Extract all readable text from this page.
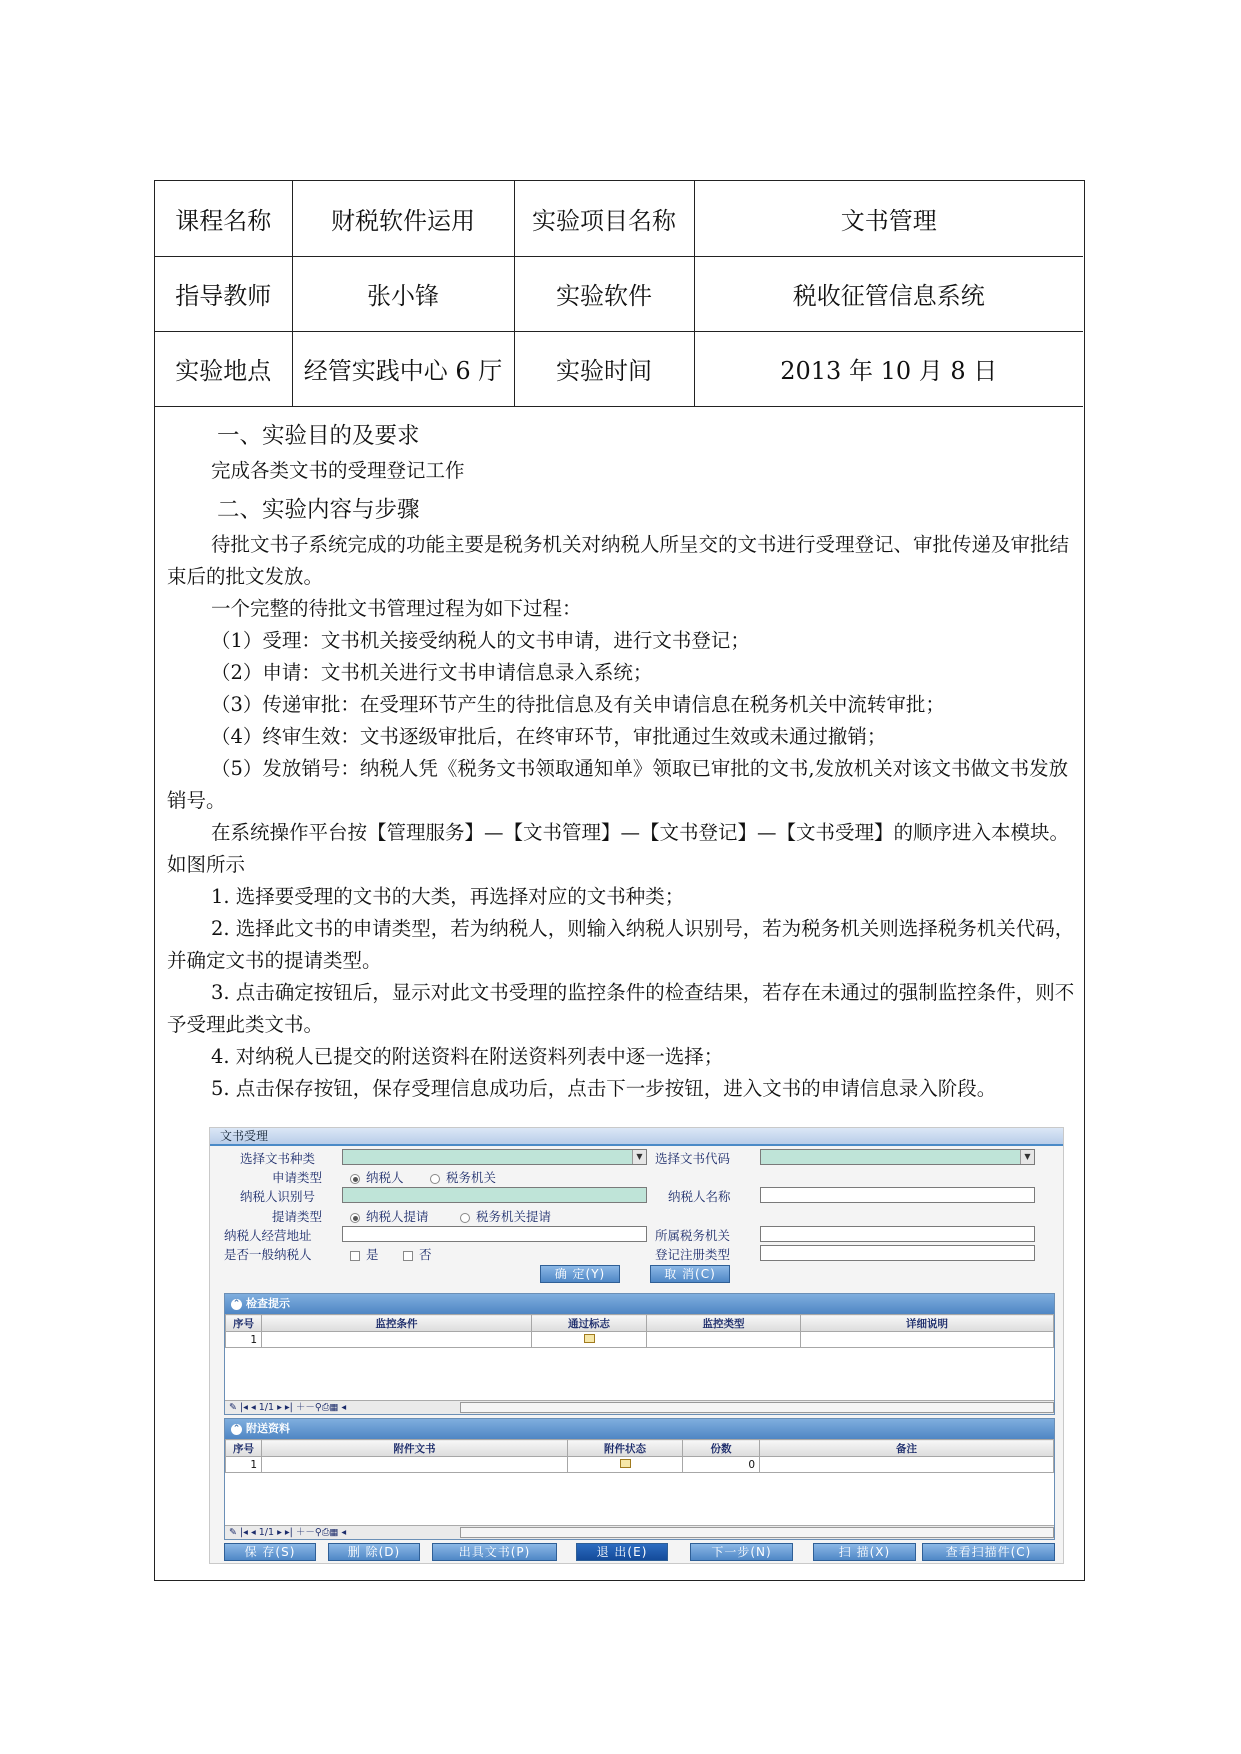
课程名称	财税软件运用	实验项目名称	文书管理
指导教师	张小锋	实验软件	税收征管信息系统
实验地点	经管实践中心 6 厅	实验时间	2013 年 10 月 8 日
一、实验目的及要求
完成各类文书的受理登记工作
二、实验内容与步骤
待批文书子系统完成的功能主要是税务机关对纳税人所呈交的文书进行受理登记、审批传递及审批结束后的批文发放。
一个完整的待批文书管理过程为如下过程：
（1）受理：文书机关接受纳税人的文书申请，进行文书登记；
（2）申请：文书机关进行文书申请信息录入系统；
（3）传递审批：在受理环节产生的待批信息及有关申请信息在税务机关中流转审批；
（4）终审生效：文书逐级审批后，在终审环节，审批通过生效或未通过撤销；
（5）发放销号：纳税人凭《税务文书领取通知单》领取已审批的文书,发放机关对该文书做文书发放销号。
在系统操作平台按【管理服务】—【文书管理】—【文书登记】—【文书受理】的顺序进入本模块。如图所示
1. 选择要受理的文书的大类，再选择对应的文书种类；
2. 选择此文书的申请类型，若为纳税人，则输入纳税人识别号，若为税务机关则选择税务机关代码，并确定文书的提请类型。
3. 点击确定按钮后，显示对此文书受理的监控条件的检查结果，若存在未通过的强制监控条件，则不予受理此类文书。
4. 对纳税人已提交的附送资料在附送资料列表中逐一选择；
5. 点击保存按钮，保存受理信息成功后，点击下一步按钮，进入文书的申请信息录入阶段。
文书受理
选择文书种类	▼ 选择文书代码	▼
申请类型	纳税人	税务机关
纳税人识别号	纳税人名称
提请类型	纳税人提请	税务机关提请
纳税人经营地址	所属税务机关
是否一般纳税人	是	否	登记注册类型
确 定(Y)	取 消(C)
⌃ 检查提示
序号	监控条件	通过标志	监控类型	详细说明
1				
✎ |◂ ◂ 1/1 ▸ ▸| ＋－⚲⎙▦ ◂
⌃ 附送资料
序号	附件文书	附件状态	份数	备注
1			0	
✎ |◂ ◂ 1/1 ▸ ▸| ＋－⚲⎙▦ ◂
保 存(S)	删 除(D)	出具文书(P)	退 出(E)	下一步(N)	扫 描(X)	查看扫描件(C)
